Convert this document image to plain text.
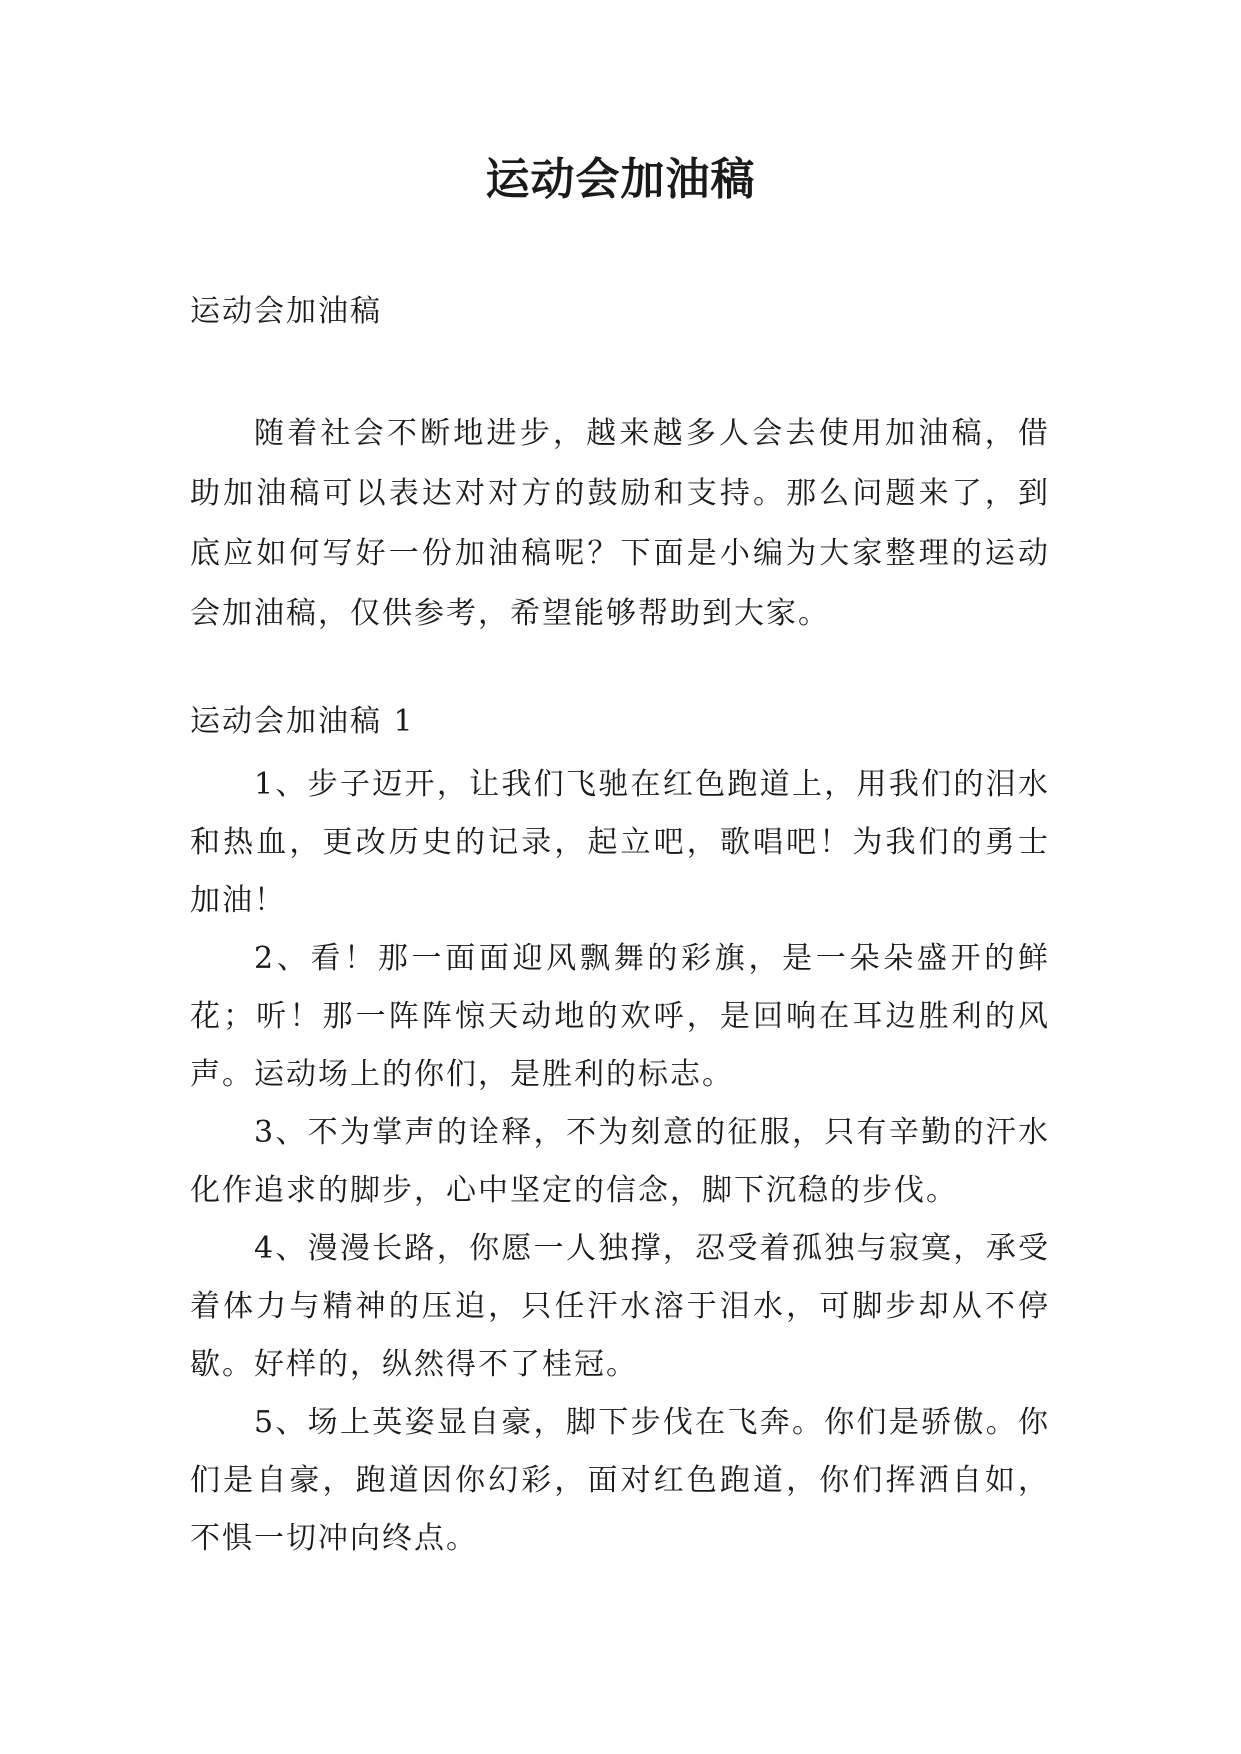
运动会加油稿
运动会加油稿

随着社会不断地进步，越来越多人会去使用加油稿，借助加油稿可以表达对对方的鼓励和支持。那么问题来了，到底应如何写好一份加油稿呢？下面是小编为大家整理的运动会加油稿，仅供参考，希望能够帮助到大家。

运动会加油稿 1

1、步子迈开，让我们飞驰在红色跑道上，用我们的泪水和热血，更改历史的记录，起立吧，歌唱吧！为我们的勇士加油！

2、看！那一面面迎风飘舞的彩旗，是一朵朵盛开的鲜花；听！那一阵阵惊天动地的欢呼，是回响在耳边胜利的风声。运动场上的你们，是胜利的标志。

3、不为掌声的诠释，不为刻意的征服，只有辛勤的汗水化作追求的脚步，心中坚定的信念，脚下沉稳的步伐。

4、漫漫长路，你愿一人独撑，忍受着孤独与寂寞，承受着体力与精神的压迫，只任汗水溶于泪水，可脚步却从不停歇。好样的，纵然得不了桂冠。

5、场上英姿显自豪，脚下步伐在飞奔。你们是骄傲。你们是自豪，跑道因你幻彩，面对红色跑道，你们挥洒自如，不惧一切冲向终点。
